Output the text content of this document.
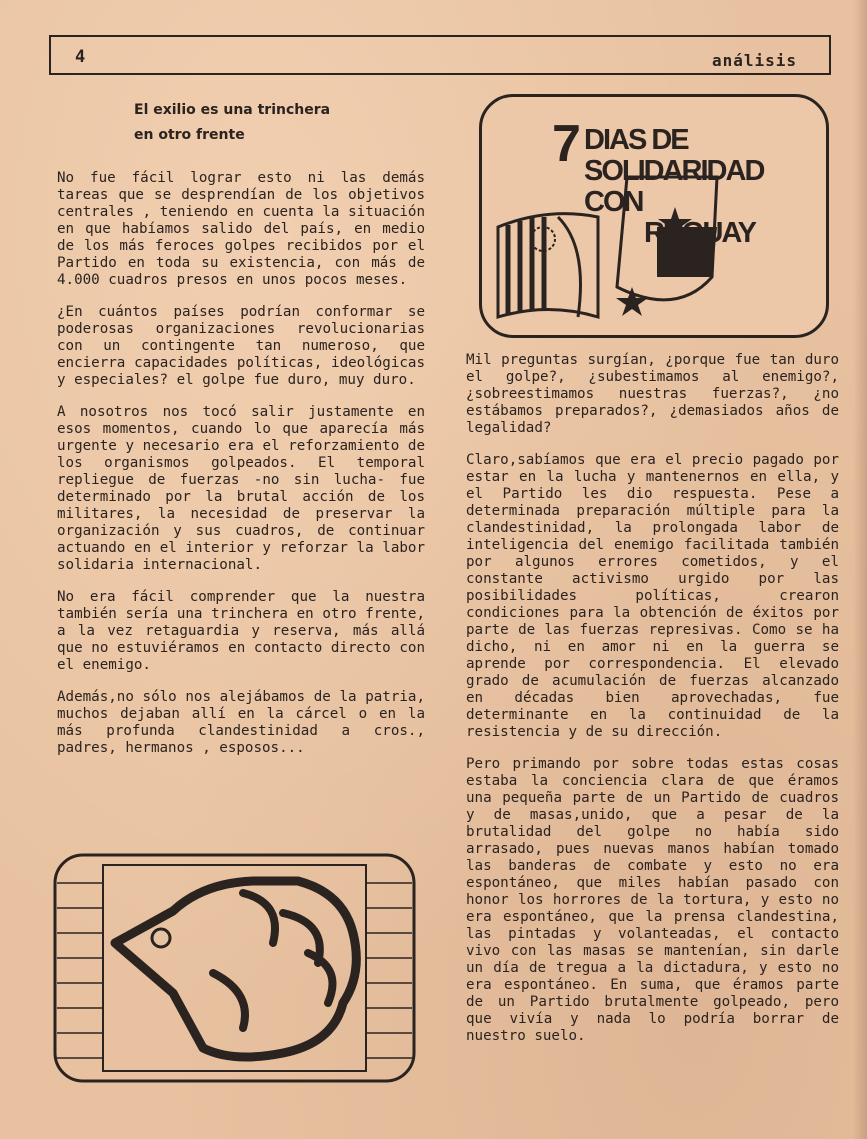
4	análisis
El exilio es una trinchera
en otro frente

No fue fácil lograr esto ni las demás tareas que se desprendían de los objetivos centrales , teniendo en cuenta la situación en que habíamos salido del país, en medio de los más feroces golpes recibidos por el Partido en toda su existencia, con más de 4.000 cuadros presos en unos pocos meses.

¿En cuántos países podrían conformar se poderosas organizaciones revolucionarias con un contingente tan numeroso, que encierra capacidades políticas, ideológicas y especiales? el golpe fue duro, muy duro.

A nosotros nos tocó salir justamente en esos momentos, cuando lo que aparecía más urgente y necesario era el reforzamiento de los organismos golpeados. El temporal repliegue de fuerzas -no sin lucha- fue determinado por la brutal acción de los militares, la necesidad de preservar la organización y sus cuadros, de continuar actuando en el interior y reforzar la labor solidaria internacional.

No era fácil comprender que la nuestra también sería una trinchera en otro frente, a la vez retaguardia y reserva, más allá que no estuviéramos en contacto directo con el enemigo.

Además,no sólo nos alejábamos de la patria, muchos dejaban allí en la cárcel o en la más profunda clandestinidad a cros., padres, hermanos , esposos...

7 DIAS DE
SOLIDARIDAD
CON
RUGUAY

Mil preguntas surgían, ¿porque fue tan duro el golpe?, ¿subestimamos al enemigo?, ¿sobreestimamos nuestras fuerzas?, ¿no estábamos preparados?, ¿demasiados años de legalidad?

Claro,sabíamos que era el precio pagado por estar en la lucha y mantenernos en ella, y el Partido les dio respuesta. Pese a determinada preparación múltiple para la clandestinidad, la prolongada labor de inteligencia del enemigo facilitada también por algunos errores cometidos, y el constante activismo urgido por las posibilidades políticas, crearon condiciones para la obtención de éxitos por parte de las fuerzas represivas. Como se ha dicho, ni en amor ni en la guerra se aprende por correspondencia. El elevado grado de acumulación de fuerzas alcanzado en décadas bien aprovechadas, fue determinante en la continuidad de la resistencia y de su dirección.

Pero primando por sobre todas estas cosas estaba la conciencia clara de que éramos una pequeña parte de un Partido de cuadros y de masas,unido, que a pesar de la brutalidad del golpe no había sido arrasado, pues nuevas manos habían tomado las banderas de combate y esto no era espontáneo, que miles habían pasado con honor los horrores de la tortura, y esto no era espontáneo, que la prensa clandestina, las pintadas y volanteadas, el contacto vivo con las masas se mantenían, sin darle un día de tregua a la dictadura, y esto no era espontáneo. En suma, que éramos parte de un Partido brutalmente golpeado, pero que vivía y nada lo podría borrar de nuestro suelo.
